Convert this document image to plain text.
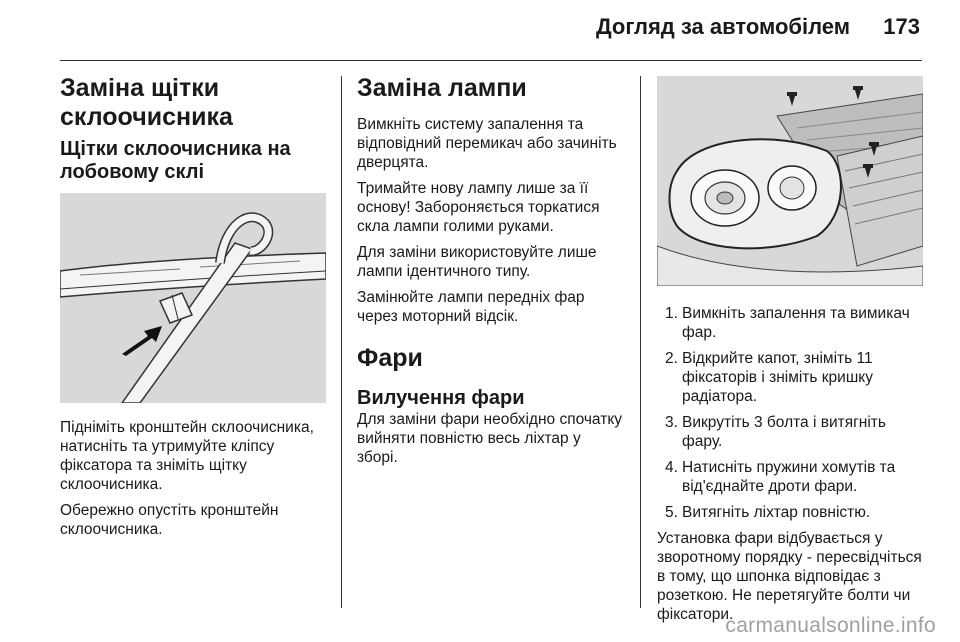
Догляд за автомобілем 173
Заміна щітки склоочисника
Щітки склоочисника на лобовому склі

Підніміть кронштейн склоочисника, натисніть та утримуйте кліпсу фіксатора та зніміть щітку склоочисника.

Обережно опустіть кронштейн склоочисника.

Заміна лампи

Вимкніть систему запалення та відповідний перемикач або зачиніть дверцята.

Тримайте нову лампу лише за її основу! Забороняється торкатися скла лампи голими руками.

Для заміни використовуйте лише лампи ідентичного типу.

Замінюйте лампи передніх фар через моторний відсік.

Фари
Вилучення фари

Для заміни фари необхідно спочатку вийняти повністю весь ліхтар у зборі.

1. Вимкніть запалення та вимикач фар.
2. Відкрийте капот, зніміть 11 фіксаторів і зніміть кришку радіатора.
3. Викрутіть 3 болта і витягніть фару.
4. Натисніть пружини хомутів та від'єднайте дроти фари.
5. Витягніть ліхтар повністю.

Установка фари відбувається у зворотному порядку - пересвідчіться в тому, що шпонка відповідає з розеткою. Не перетягуйте болти чи фіксатори.

carmanualsonline.info
